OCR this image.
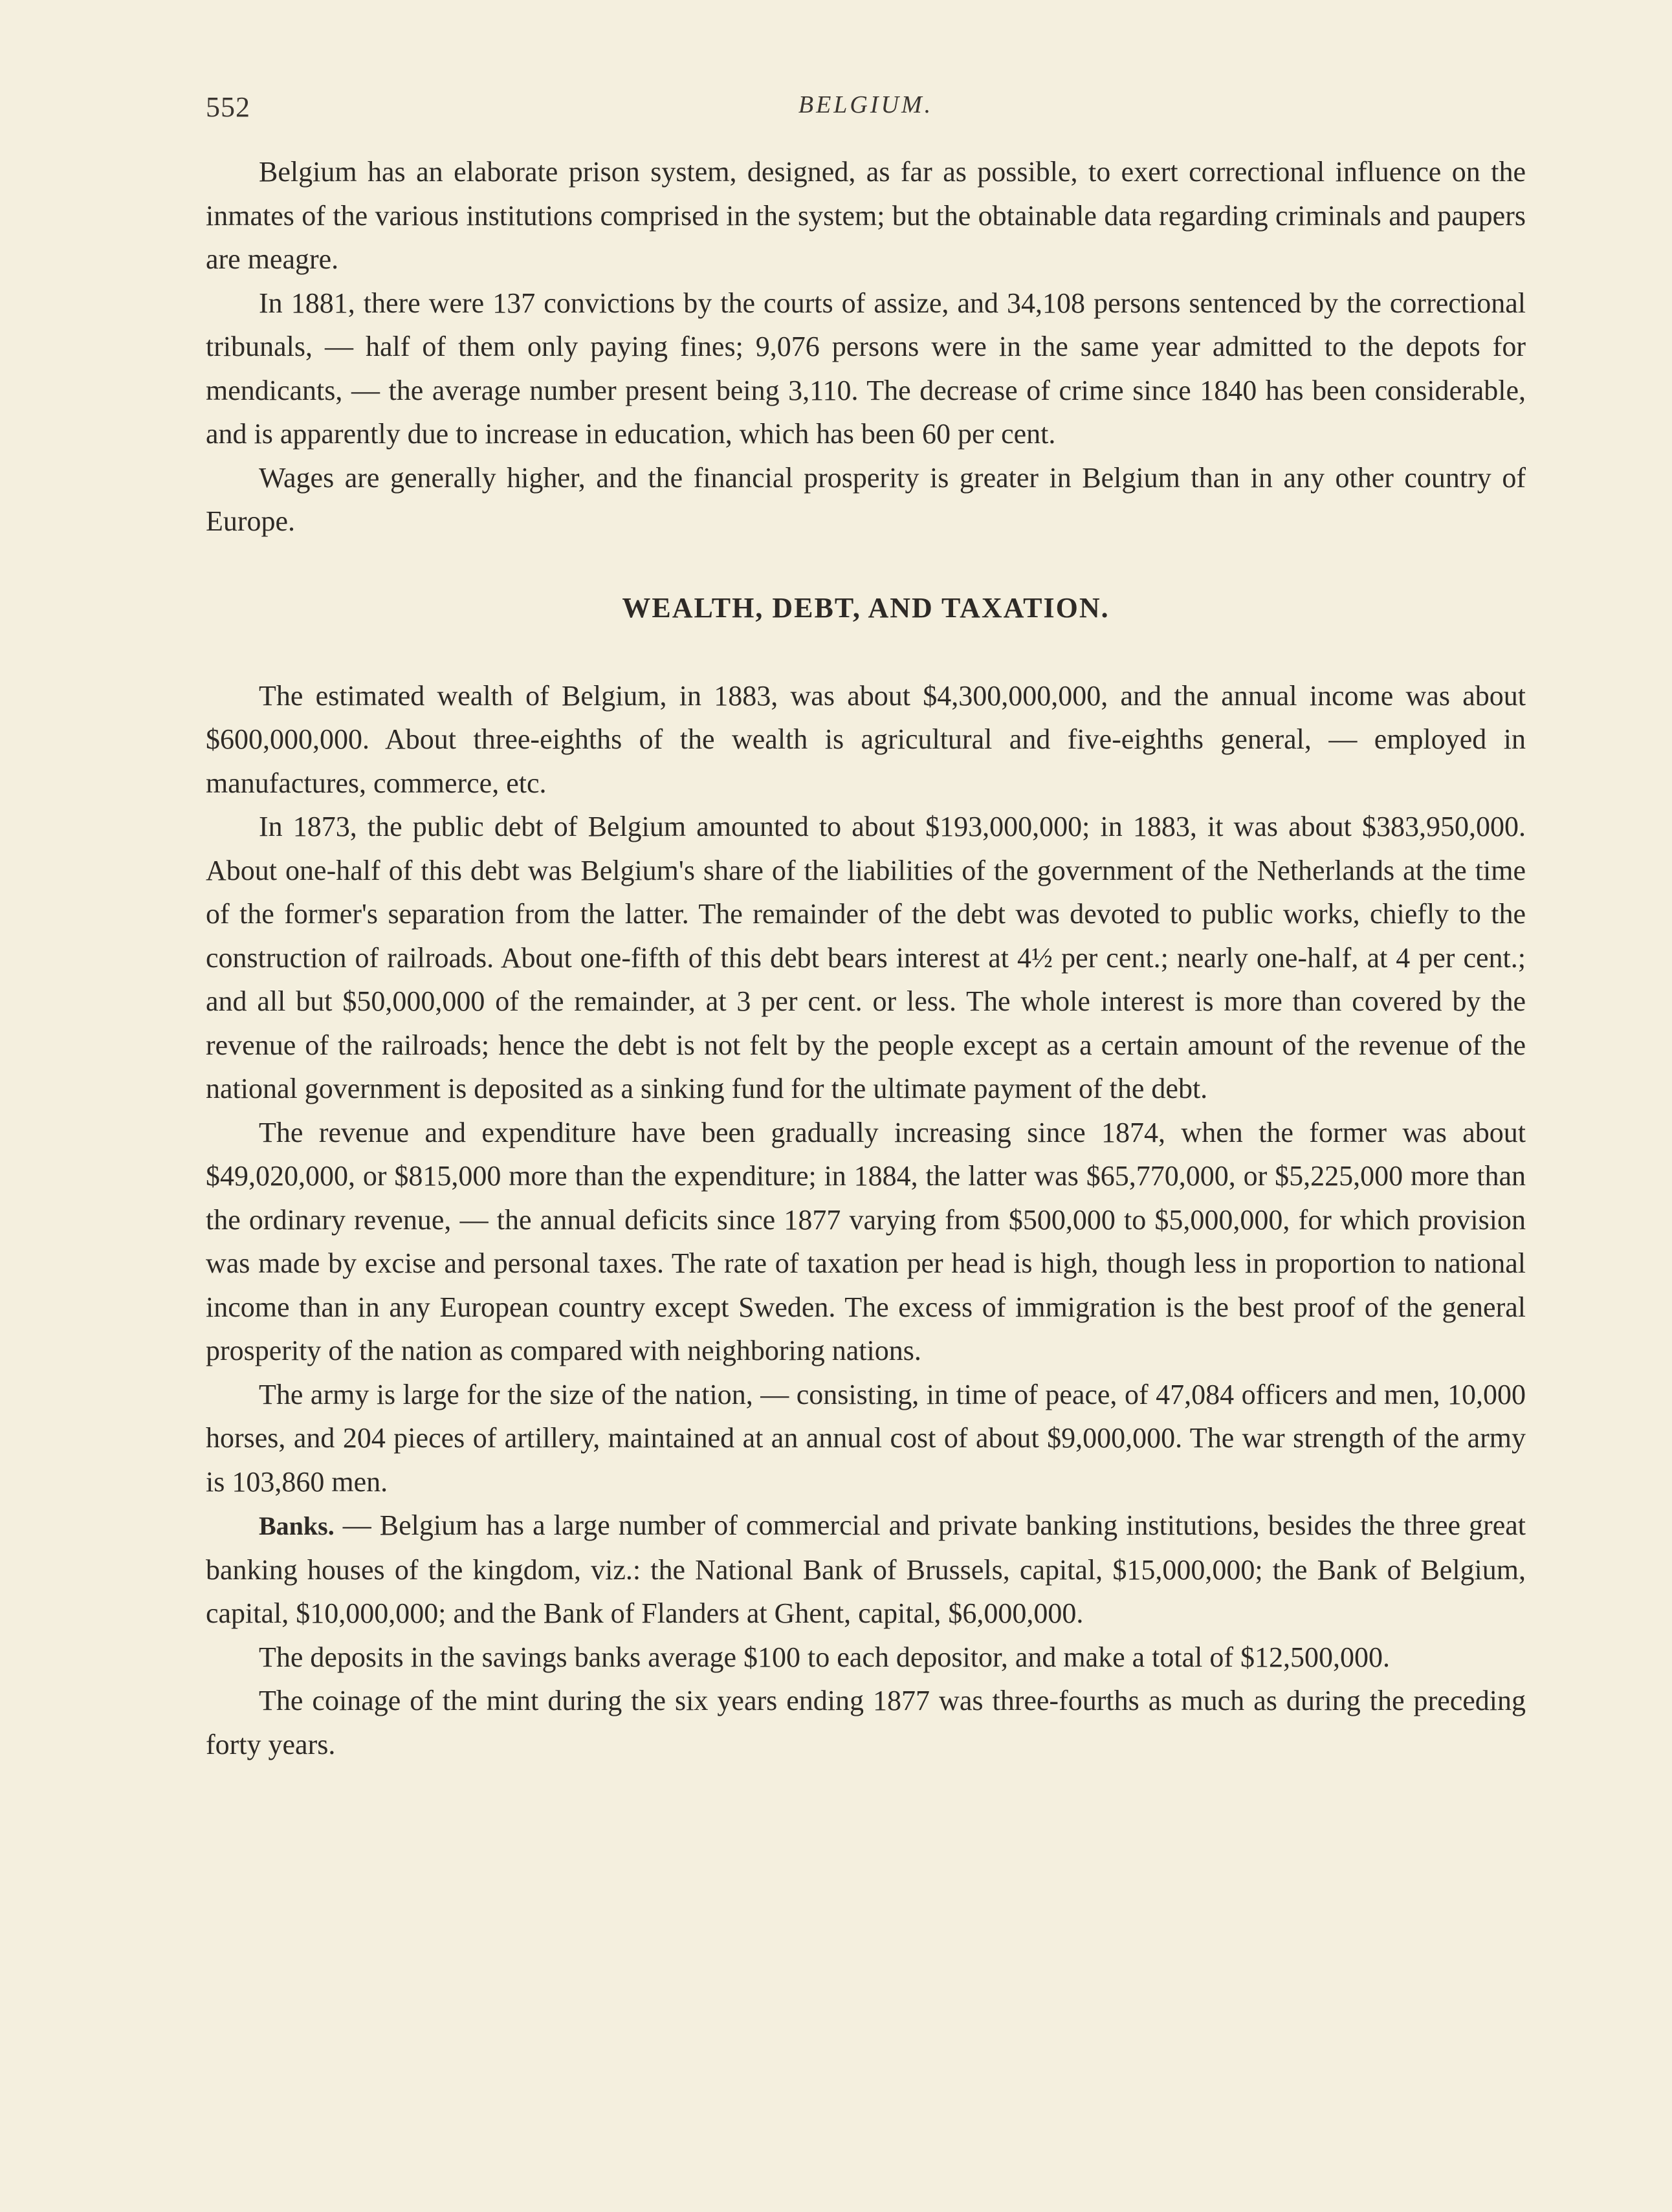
552	BELGIUM.

Belgium has an elaborate prison system, designed, as far as possible, to exert correctional influence on the inmates of the various institutions comprised in the system; but the obtainable data regarding criminals and paupers are meagre.

In 1881, there were 137 convictions by the courts of assize, and 34,108 persons sentenced by the correctional tribunals, — half of them only paying fines; 9,076 persons were in the same year admitted to the depots for mendicants, — the average number present being 3,110. The decrease of crime since 1840 has been considerable, and is apparently due to increase in education, which has been 60 per cent.

Wages are generally higher, and the financial prosperity is greater in Belgium than in any other country of Europe.

WEALTH, DEBT, AND TAXATION.

The estimated wealth of Belgium, in 1883, was about $4,300,000,000, and the annual income was about $600,000,000. About three-eighths of the wealth is agricultural and five-eighths general, — employed in manufactures, commerce, etc.

In 1873, the public debt of Belgium amounted to about $193,000,000; in 1883, it was about $383,950,000. About one-half of this debt was Belgium's share of the liabilities of the government of the Netherlands at the time of the former's separation from the latter. The remainder of the debt was devoted to public works, chiefly to the construction of railroads. About one-fifth of this debt bears interest at 4½ per cent.; nearly one-half, at 4 per cent.; and all but $50,000,000 of the remainder, at 3 per cent. or less. The whole interest is more than covered by the revenue of the railroads; hence the debt is not felt by the people except as a certain amount of the revenue of the national government is deposited as a sinking fund for the ultimate payment of the debt.

The revenue and expenditure have been gradually increasing since 1874, when the former was about $49,020,000, or $815,000 more than the expenditure; in 1884, the latter was $65,770,000, or $5,225,000 more than the ordinary revenue, — the annual deficits since 1877 varying from $500,000 to $5,000,000, for which provision was made by excise and personal taxes. The rate of taxation per head is high, though less in proportion to national income than in any European country except Sweden. The excess of immigration is the best proof of the general prosperity of the nation as compared with neighboring nations.

The army is large for the size of the nation, — consisting, in time of peace, of 47,084 officers and men, 10,000 horses, and 204 pieces of artillery, maintained at an annual cost of about $9,000,000. The war strength of the army is 103,860 men.

Banks. — Belgium has a large number of commercial and private banking institutions, besides the three great banking houses of the kingdom, viz.: the National Bank of Brussels, capital, $15,000,000; the Bank of Belgium, capital, $10,000,000; and the Bank of Flanders at Ghent, capital, $6,000,000.

The deposits in the savings banks average $100 to each depositor, and make a total of $12,500,000.

The coinage of the mint during the six years ending 1877 was three-fourths as much as during the preceding forty years.
